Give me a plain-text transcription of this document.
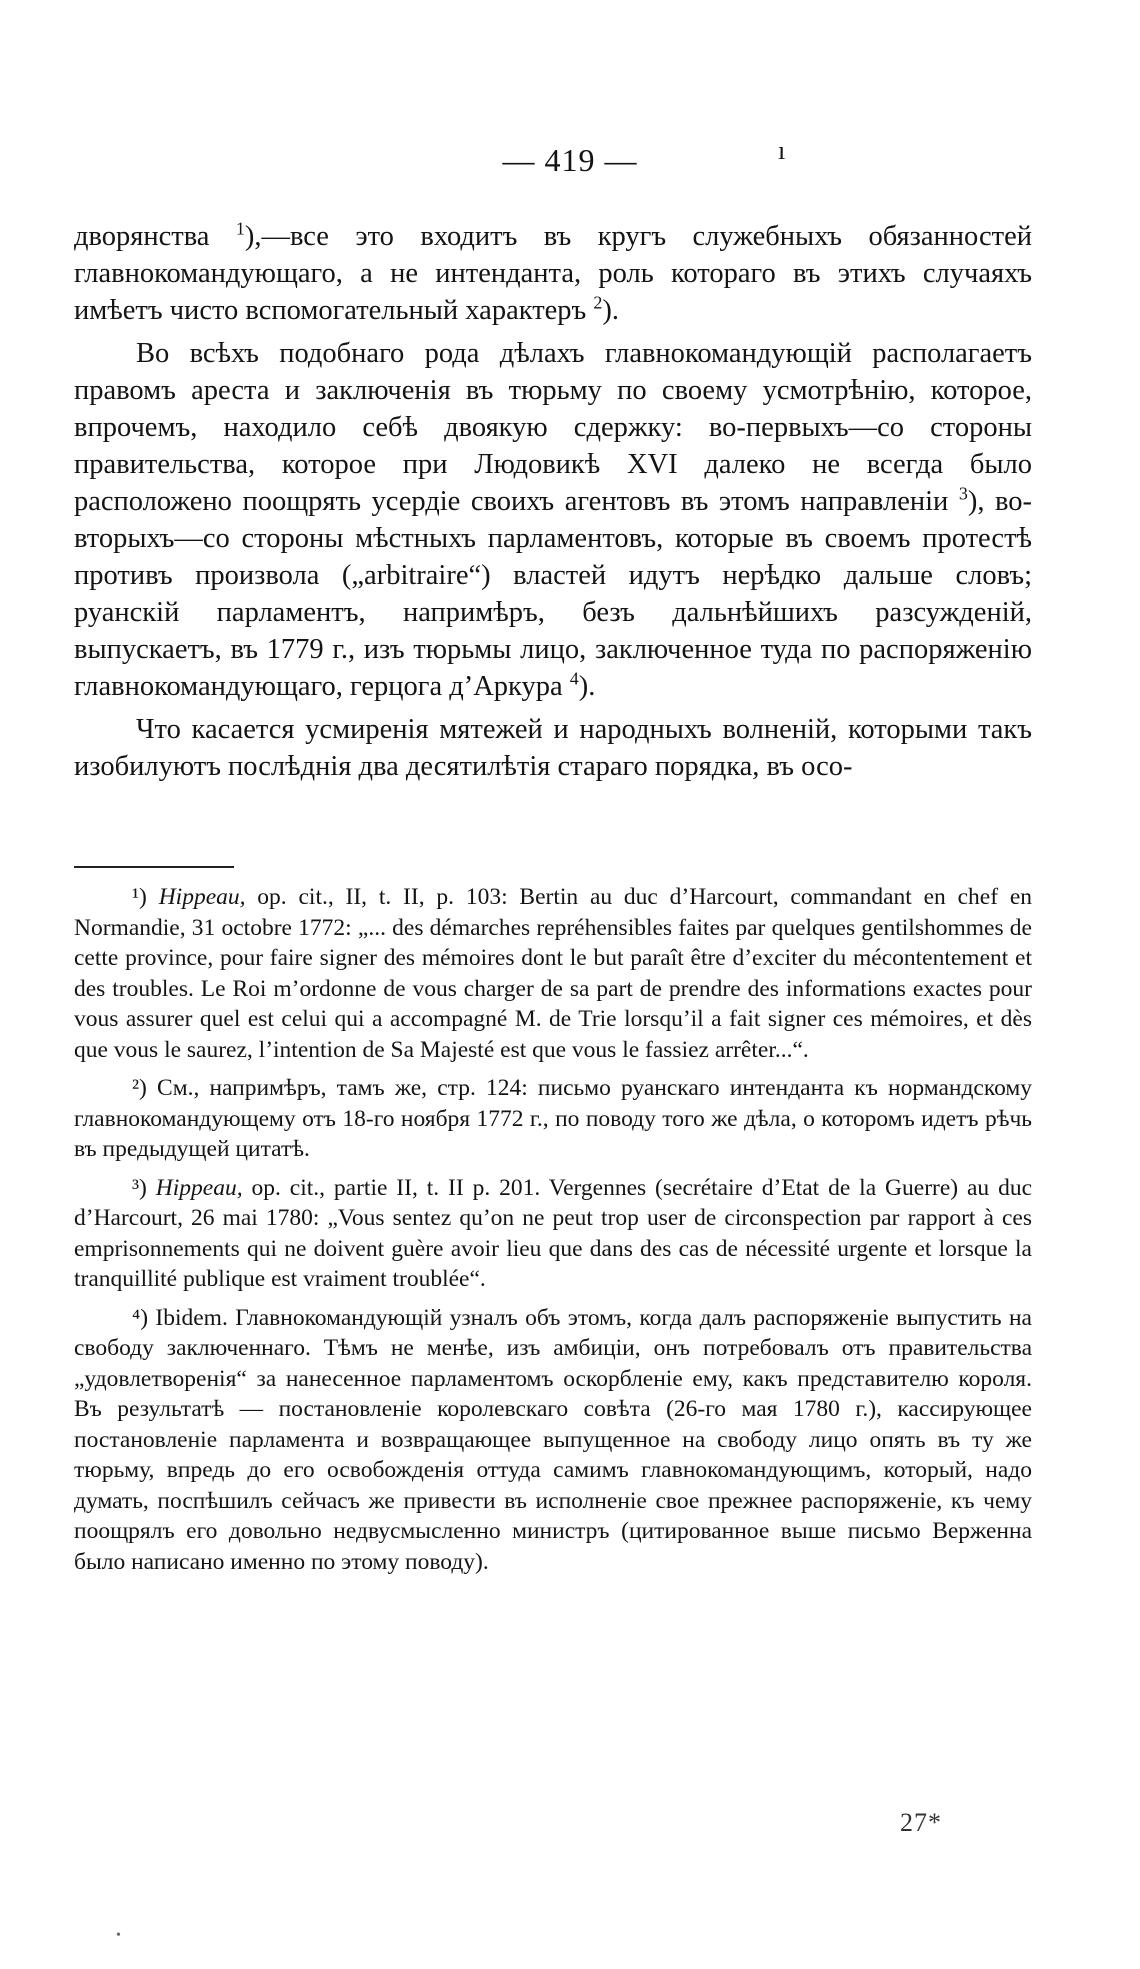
— 419 —	ı

дворянства $^1$),—все это входитъ въ кругъ служебныхъ обязанностей главнокомандующаго, а не интенданта, роль котораго въ этихъ случаяхъ имѣетъ чисто вспомогательный характеръ $^2$).

Во всѣхъ подобнаго рода дѣлахъ главнокомандующій располагаетъ правомъ ареста и заключенія въ тюрьму по своему усмотрѣнію, которое, впрочемъ, находило себѣ двоякую сдержку: во-первыхъ—со стороны правительства, которое при Людовикѣ XVI далеко не всегда было расположено поощрять усердіе своихъ агентовъ въ этомъ направленіи $^3$), во-вторыхъ—со стороны мѣстныхъ парламентовъ, которые въ своемъ протестѣ противъ произвола („arbitraire“) властей идутъ нерѣдко дальше словъ; руанскій парламентъ, напримѣръ, безъ дальнѣйшихъ разсужденій, выпускаетъ, въ 1779 г., изъ тюрьмы лицо, заключенное туда по распоряженію главнокомандующаго, герцога д’Аркура $^4$).

Что касается усмиренія мятежей и народныхъ волненій, которыми такъ изобилуютъ послѣднія два десятилѣтія стараго порядка, въ осо-

¹) Hippeau, op. cit., II, t. II, p. 103: Bertin au duc d’Harcourt, commandant en chef en Normandie, 31 octobre 1772: „... des démarches repréhensibles faites par quelques gentilshommes de cette province, pour faire signer des mémoires dont le but paraît être d’exciter du mécontentement et des troubles. Le Roi m’ordonne de vous charger de sa part de prendre des informations exactes pour vous assurer quel est celui qui a accompagné M. de Trie lorsqu’il a fait signer ces mémoires, et dès que vous le saurez, l’intention de Sa Majesté est que vous le fassiez arrêter...“.

²) См., напримѣръ, тамъ же, стр. 124: письмо руанскаго интенданта къ нормандскому главнокомандующему отъ 18-го ноября 1772 г., по поводу того же дѣла, о которомъ идетъ рѣчь въ предыдущей цитатѣ.

³) Hippeau, op. cit., partie II, t. II p. 201. Vergennes (secrétaire d’Etat de la Guerre) au duc d’Harcourt, 26 mai 1780: „Vous sentez qu’on ne peut trop user de circonspection par rapport à ces emprisonnements qui ne doivent guère avoir lieu que dans des cas de nécessité urgente et lorsque la tranquillité publique est vraiment troublée“.

⁴) Ibidem. Главнокомандующій узналъ объ этомъ, когда далъ распоряженіе выпустить на свободу заключеннаго. Тѣмъ не менѣе, изъ амбиціи, онъ потребовалъ отъ правительства „удовлетворенія“ за нанесенное парламентомъ оскорбленіе ему, какъ представителю короля. Въ результатѣ — постановленіе королевскаго совѣта (26-го мая 1780 г.), кассирующее постановленіе парламента и возвращающее выпущенное на свободу лицо опять въ ту же тюрьму, впредь до его освобожденія оттуда самимъ главнокомандующимъ, который, надо думать, поспѣшилъ сейчасъ же привести въ исполненіе свое прежнее распоряженіе, къ чему поощрялъ его довольно недвусмысленно министръ (цитированное выше письмо Верженна было написано именно по этому поводу).

27*
•
